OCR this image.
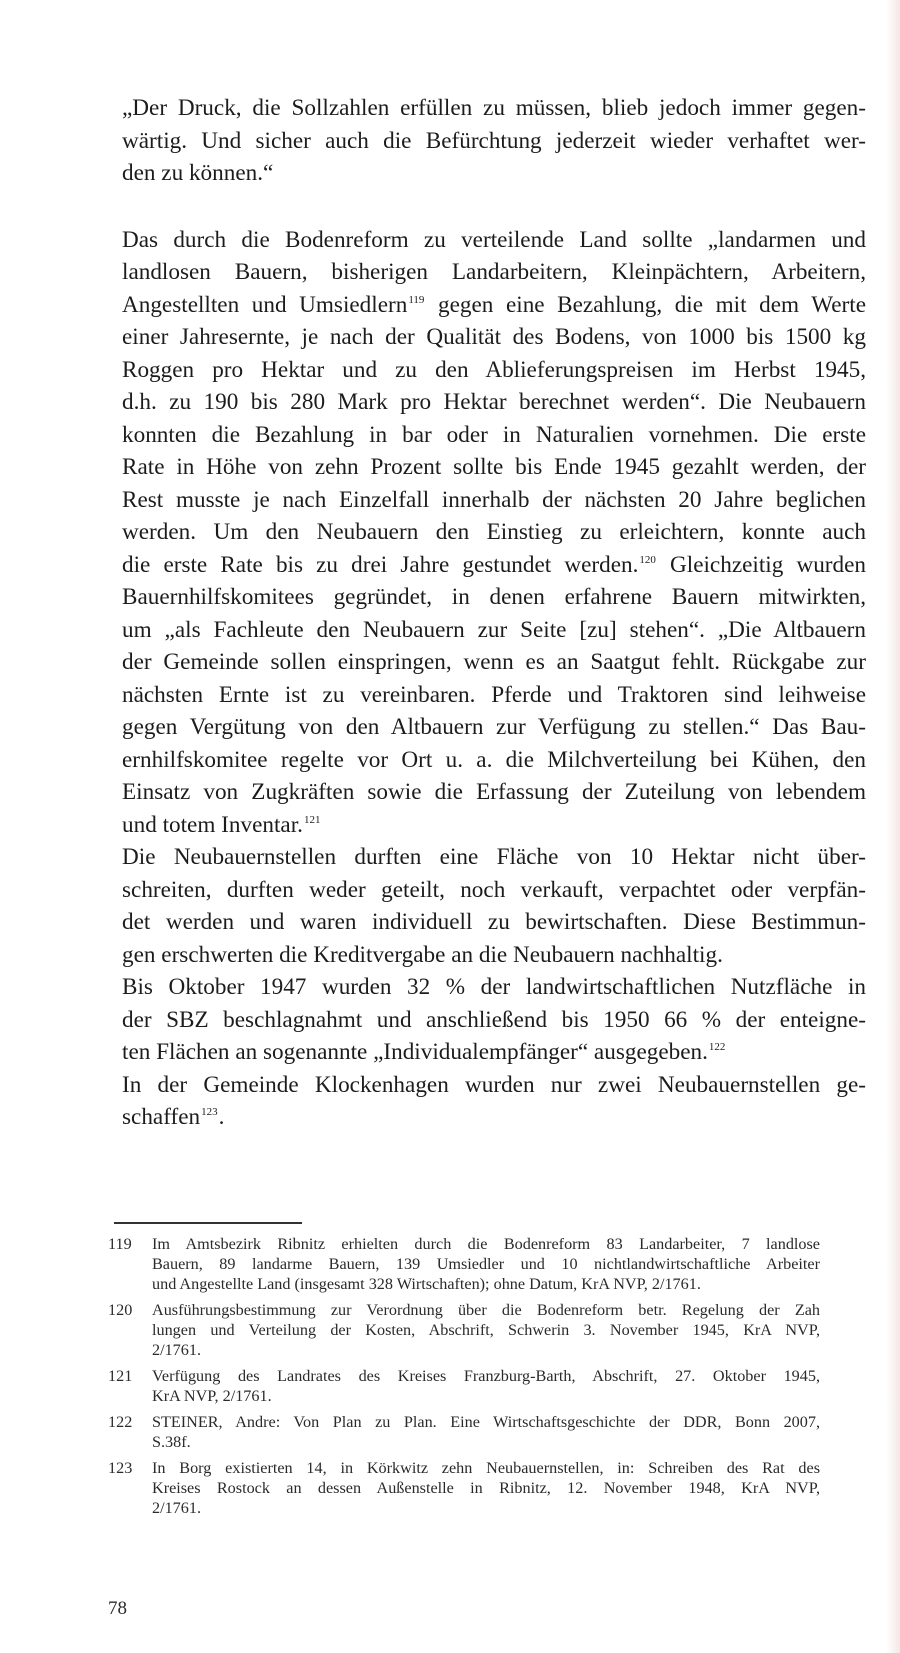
„Der Druck, die Sollzahlen erfüllen zu müssen, blieb jedoch immer gegen-
wärtig. Und sicher auch die Befürchtung jederzeit wieder verhaftet wer-
den zu können.“

Das durch die Bodenreform zu verteilende Land sollte „landarmen und
landlosen Bauern, bisherigen Landarbeitern, Kleinpächtern, Arbeitern,
Angestellten und Umsiedlern$^{119}$ gegen eine Bezahlung, die mit dem Werte
einer Jahresernte, je nach der Qualität des Bodens, von 1000 bis 1500 kg
Roggen pro Hektar und zu den Ablieferungspreisen im Herbst 1945,
d.h. zu 190 bis 280 Mark pro Hektar berechnet werden“. Die Neubauern
konnten die Bezahlung in bar oder in Naturalien vornehmen. Die erste
Rate in Höhe von zehn Prozent sollte bis Ende 1945 gezahlt werden, der
Rest musste je nach Einzelfall innerhalb der nächsten 20 Jahre beglichen
werden. Um den Neubauern den Einstieg zu erleichtern, konnte auch
die erste Rate bis zu drei Jahre gestundet werden.$^{120}$ Gleichzeitig wurden
Bauernhilfskomitees gegründet, in denen erfahrene Bauern mitwirkten,
um „als Fachleute den Neubauern zur Seite [zu] stehen“. „Die Altbauern
der Gemeinde sollen einspringen, wenn es an Saatgut fehlt. Rückgabe zur
nächsten Ernte ist zu vereinbaren. Pferde und Traktoren sind leihweise
gegen Vergütung von den Altbauern zur Verfügung zu stellen.“ Das Bau-
ernhilfskomitee regelte vor Ort u. a. die Milchverteilung bei Kühen, den
Einsatz von Zugkräften sowie die Erfassung der Zuteilung von lebendem
und totem Inventar.$^{121}$

Die Neubauernstellen durften eine Fläche von 10 Hektar nicht über-
schreiten, durften weder geteilt, noch verkauft, verpachtet oder verpfän-
det werden und waren individuell zu bewirtschaften. Diese Bestimmun-
gen erschwerten die Kreditvergabe an die Neubauern nachhaltig.

Bis Oktober 1947 wurden 32 % der landwirtschaftlichen Nutzfläche in
der SBZ beschlagnahmt und anschließend bis 1950 66 % der enteigne-
ten Flächen an sogenannte „Individualempfänger“ ausgegeben.$^{122}$

In der Gemeinde Klockenhagen wurden nur zwei Neubauernstellen ge-
schaffen$^{123}$.

119 Im Amtsbezirk Ribnitz erhielten durch die Bodenreform 83 Landarbeiter, 7 landlose
Bauern, 89 landarme Bauern, 139 Umsiedler und 10 nichtlandwirtschaftliche Arbeiter
und Angestellte Land (insgesamt 328 Wirtschaften); ohne Datum, KrA NVP, 2/1761.
120 Ausführungsbestimmung zur Verordnung über die Bodenreform betr. Regelung der Zah
lungen und Verteilung der Kosten, Abschrift, Schwerin 3. November 1945, KrA NVP,
2/1761.
121 Verfügung des Landrates des Kreises Franzburg-Barth, Abschrift, 27. Oktober 1945,
KrA NVP, 2/1761.
122 STEINER, Andre: Von Plan zu Plan. Eine Wirtschaftsgeschichte der DDR, Bonn 2007,
S.38f.
123 In Borg existierten 14, in Körkwitz zehn Neubauernstellen, in: Schreiben des Rat des
Kreises Rostock an dessen Außenstelle in Ribnitz, 12. November 1948, KrA NVP,
2/1761.
78
